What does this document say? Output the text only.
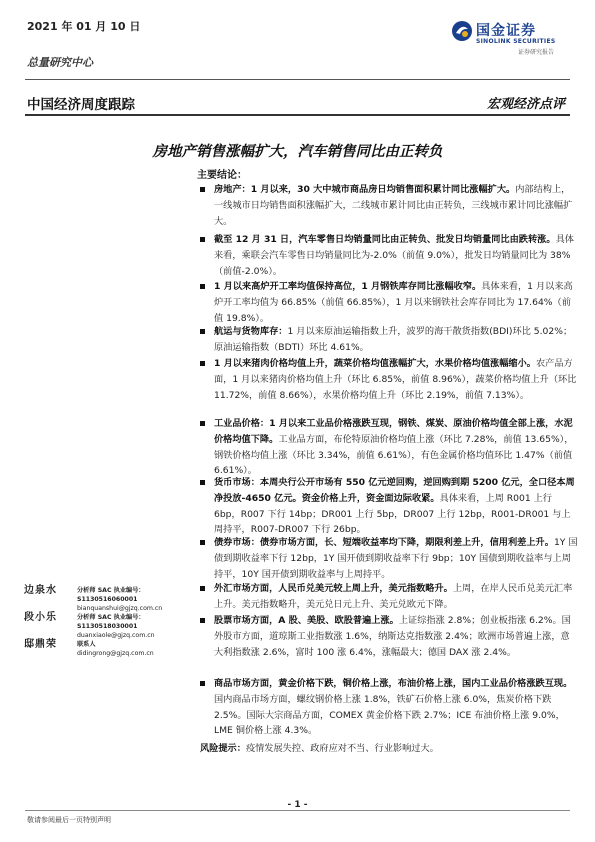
2021 年 01 月 10 日
总量研究中心
国金证券
SINOLINK SECURITIES
证券研究报告
中国经济周度跟踪	宏观经济点评
房地产销售涨幅扩大，汽车销售同比由正转负
主要结论：
房地产：1 月以来，30 大中城市商品房日均销售面积累计同比涨幅扩大。内部结构上，一线城市日均销售面积涨幅扩大，二线城市累计同比由正转负，三线城市累计同比涨幅扩大。
截至 12 月 31 日，汽车零售日均销量同比由正转负、批发日均销量同比由跌转涨。具体来看，乘联会汽车零售日均销量同比为-2.0%（前值 9.0%），批发日均销量同比为 38%（前值-2.0%）。
1 月以来高炉开工率均值保持高位，1 月钢铁库存同比涨幅收窄。具体来看，1 月以来高炉开工率均值为 66.85%（前值 66.85%），1 月以来钢铁社会库存同比为 17.64%（前值 19.8%）。
航运与货物库存：1 月以来原油运输指数上升，波罗的海干散货指数(BDI)环比 5.02%；原油运输指数（BDTI）环比 4.61%。
1 月以来猪肉价格均值上升，蔬菜价格均值涨幅扩大，水果价格均值涨幅缩小。农产品方面，1 月以来猪肉价格均值上升（环比 6.85%，前值 8.96%），蔬菜价格均值上升（环比 11.72%，前值 8.66%），水果价格均值上升（环比 2.19%，前值 7.13%）。
工业品价格：1 月以来工业品价格涨跌互现，钢铁、煤炭、原油价格均值全部上涨，水泥价格均值下降。工业品方面，布伦特原油价格均值上涨（环比 7.28%，前值 13.65%），钢铁价格均值上涨（环比 3.34%，前值 6.61%），有色金属价格均值环比 1.47%（前值 6.61%）。
货币市场：本周央行公开市场有 550 亿元逆回购，逆回购到期 5200 亿元，全口径本周净投放-4650 亿元。资金价格上升，资金面边际收紧。具体来看，上周 R001 上行 6bp，R007 下行 14bp；DR001 上行 5bp，DR007 上行 12bp，R001-DR001 与上周持平，R007-DR007 下行 26bp。
债券市场：债券市场方面，长、短端收益率均下降，期限利差上升，信用利差上升。1Y 国债到期收益率下行 12bp，1Y 国开债到期收益率下行 9bp；10Y 国债到期收益率与上周持平，10Y 国开债到期收益率与上周持平。
外汇市场方面，人民币兑美元较上周上升，美元指数略升。上周，在岸人民币兑美元汇率上升。美元指数略升，美元兑日元上升、美元兑欧元下降。
股票市场方面，A 股、美股、欧股普遍上涨。上证综指涨 2.8%；创业板指涨 6.2%。国外股市方面，道琼斯工业指数涨 1.6%，纳斯达克指数涨 2.4%；欧洲市场普遍上涨，意大利指数涨 2.6%，富时 100 涨 6.4%，涨幅最大；德国 DAX 涨 2.4%。
商品市场方面，黄金价格下跌，铜价格上涨，布油价格上涨，国内工业品价格涨跌互现。国内商品市场方面，螺纹钢价格上涨 1.8%，铁矿石价格上涨 6.0%，焦炭价格下跌 2.5%。国际大宗商品方面，COMEX 黄金价格下跌 2.7%；ICE 布油价格上涨 9.0%，LME 铜价格上涨 4.3%。
风险提示：疫情发展失控、政府应对不当、行业影响过大。
边泉水	分析师 SAC 执业编号：S1130516060001
bianquanshui@gjzq.com.cn
段小乐	分析师 SAC 执业编号：S1130518030001
duanxiaole@gjzq.com.cn
邸鼎荣	联系人
didingrong@gjzq.com.cn
- 1 -
敬请参阅最后一页特别声明
